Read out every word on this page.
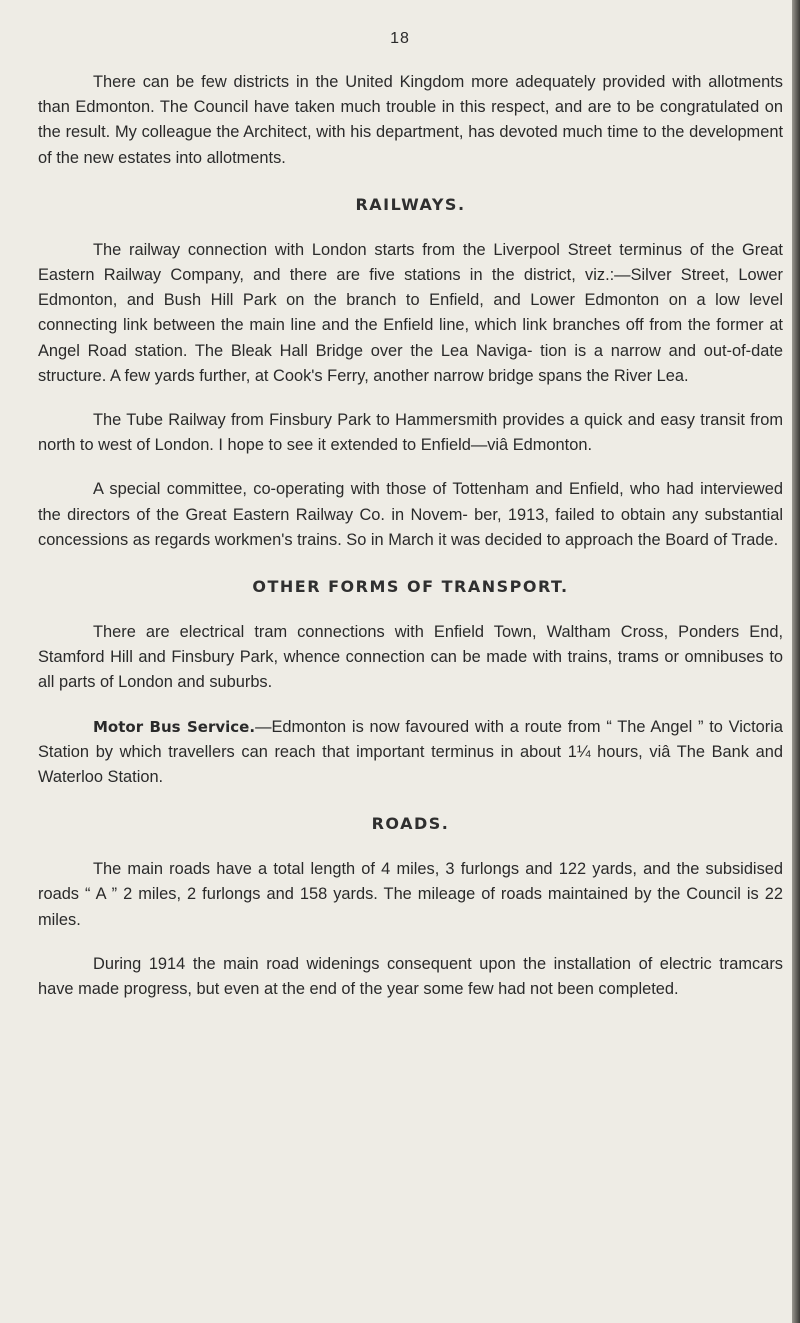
18

There can be few districts in the United Kingdom more adequately provided with allotments than Edmonton. The Council have taken much trouble in this respect, and are to be congratulated on the result. My colleague the Architect, with his department, has devoted much time to the development of the new estates into allotments.

RAILWAYS.

The railway connection with London starts from the Liverpool Street terminus of the Great Eastern Railway Company, and there are five stations in the district, viz.:—Silver Street, Lower Edmonton, and Bush Hill Park on the branch to Enfield, and Lower Edmonton on a low level connecting link between the main line and the Enfield line, which link branches off from the former at Angel Road station. The Bleak Hall Bridge over the Lea Naviga- tion is a narrow and out-of-date structure. A few yards further, at Cook's Ferry, another narrow bridge spans the River Lea.

The Tube Railway from Finsbury Park to Hammersmith provides a quick and easy transit from north to west of London. I hope to see it extended to Enfield—viâ Edmonton.

A special committee, co-operating with those of Tottenham and Enfield, who had interviewed the directors of the Great Eastern Railway Co. in Novem- ber, 1913, failed to obtain any substantial concessions as regards workmen's trains. So in March it was decided to approach the Board of Trade.

OTHER FORMS OF TRANSPORT.

There are electrical tram connections with Enfield Town, Waltham Cross, Ponders End, Stamford Hill and Finsbury Park, whence connection can be made with trains, trams or omnibuses to all parts of London and suburbs.

Motor Bus Service.—Edmonton is now favoured with a route from “ The Angel ” to Victoria Station by which travellers can reach that important terminus in about 1¼ hours, viâ The Bank and Waterloo Station.

ROADS.

The main roads have a total length of 4 miles, 3 furlongs and 122 yards, and the subsidised roads “ A ” 2 miles, 2 furlongs and 158 yards. The mileage of roads maintained by the Council is 22 miles.

During 1914 the main road widenings consequent upon the installation of electric tramcars have made progress, but even at the end of the year some few had not been completed.
